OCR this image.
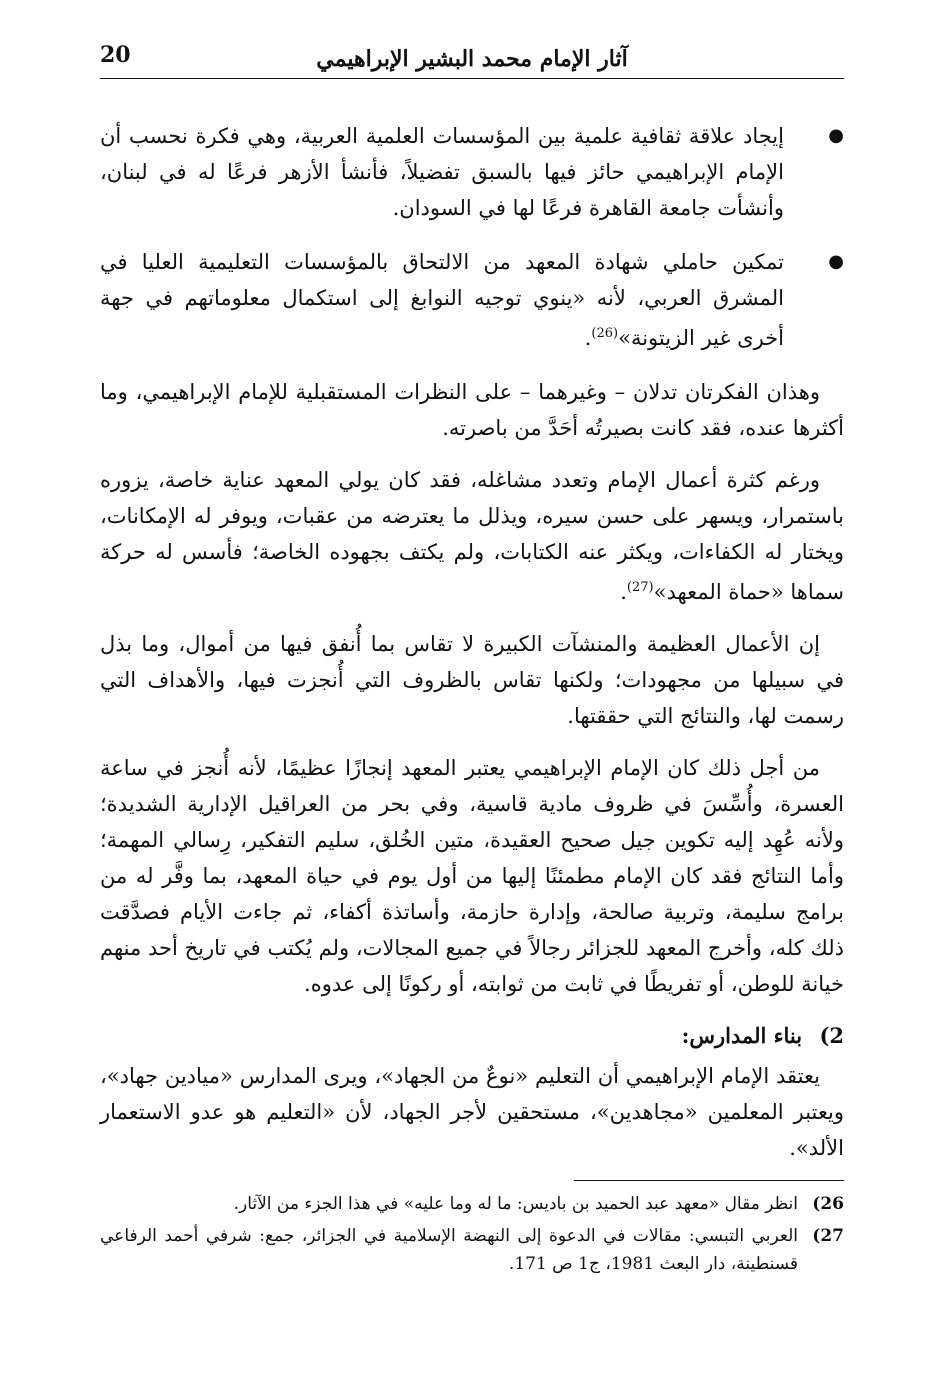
آثار الإمام محمد البشير الإبراهيمي
20
●
إيجاد علاقة ثقافية علمية بين المؤسسات العلمية العربية، وهي فكرة نحسب أن الإمام الإبراهيمي حائز فيها بالسبق تفضيلاً، فأنشأ الأزهر فرعًا له في لبنان، وأنشأت جامعة القاهرة فرعًا لها في السودان.
●
تمكين حاملي شهادة المعهد من الالتحاق بالمؤسسات التعليمية العليا في المشرق العربي، لأنه «ينوي توجيه النوابغ إلى استكمال معلوماتهم في جهة أخرى غير الزيتونة»$^{(26)}$.

وهذان الفكرتان تدلان – وغيرهما – على النظرات المستقبلية للإمام الإبراهيمي، وما أكثرها عنده، فقد كانت بصيرتُه أحَدَّ من باصرته.

ورغم كثرة أعمال الإمام وتعدد مشاغله، فقد كان يولي المعهد عناية خاصة، يزوره باستمرار، ويسهر على حسن سيره، ويذلل ما يعترضه من عقبات، ويوفر له الإمكانات، ويختار له الكفاءات، ويكثر عنه الكتابات، ولم يكتف بجهوده الخاصة؛ فأسس له حركة سماها «حماة المعهد»$^{(27)}$.

إن الأعمال العظيمة والمنشآت الكبيرة لا تقاس بما أُنفق فيها من أموال، وما بذل في سبيلها من مجهودات؛ ولكنها تقاس بالظروف التي أُنجزت فيها، والأهداف التي رسمت لها، والنتائج التي حققتها.

من أجل ذلك كان الإمام الإبراهيمي يعتبر المعهد إنجازًا عظيمًا، لأنه أُنجز في ساعة العسرة، وأُسِّسَ في ظروف مادية قاسية، وفي بحر من العراقيل الإدارية الشديدة؛ ولأنه عُهِد إليه تكوين جيل صحيح العقيدة، متين الخُلق، سليم التفكير، رِسالي المهمة؛ وأما النتائج فقد كان الإمام مطمئنًا إليها من أول يوم في حياة المعهد، بما وفَّر له من برامج سليمة، وتربية صالحة، وإدارة حازمة، وأساتذة أكفاء، ثم جاءت الأيام فصدَّقت ذلك كله، وأخرج المعهد للجزائر رجالاً في جميع المجالات، ولم يُكتب في تاريخ أحد منهم خيانة للوطن، أو تفريطًا في ثابت من ثوابته، أو ركونًا إلى عدوه.

2) بناء المدارس:

يعتقد الإمام الإبراهيمي أن التعليم «نوعٌ من الجهاد»، ويرى المدارس «ميادين جهاد»، ويعتبر المعلمين «مجاهدين»، مستحقين لأجر الجهاد، لأن «التعليم هو عدو الاستعمار الألد».

26)
انظر مقال «معهد عبد الحميد بن باديس: ما له وما عليه» في هذا الجزء من الآثار.
27)
العربي التبسي: مقالات في الدعوة إلى النهضة الإسلامية في الجزائر، جمع: شرفي أحمد الرفاعي قسنطينة، دار البعث 1981، ج1 ص 171.
